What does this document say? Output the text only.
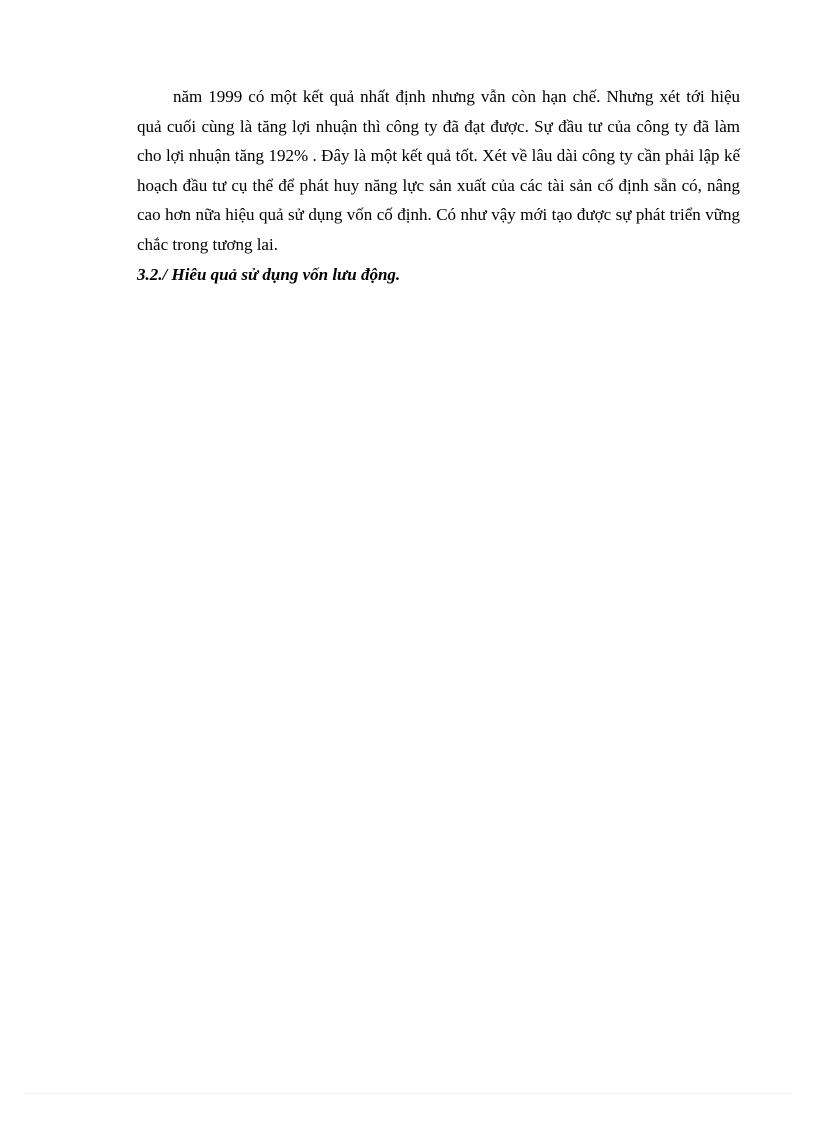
năm 1999 có một kết quả nhất định nhưng vẫn còn hạn chế. Nhưng xét tới hiệu quả cuối cùng là tăng lợi nhuận thì công ty đã đạt được. Sự đầu tư của công ty đã làm cho lợi nhuận tăng 192% . Đây là một kết quả tốt. Xét về lâu dài công ty cần phải lập kế hoạch đầu tư cụ thể để phát huy năng lực sản xuất của các tài sản cố định sẵn có, nâng cao hơn nữa hiệu quả sử dụng vốn cố định. Có như vậy mới tạo được sự phát triển vững chắc trong tương lai.

3.2./ Hiêu quả sử dụng vốn lưu động.
